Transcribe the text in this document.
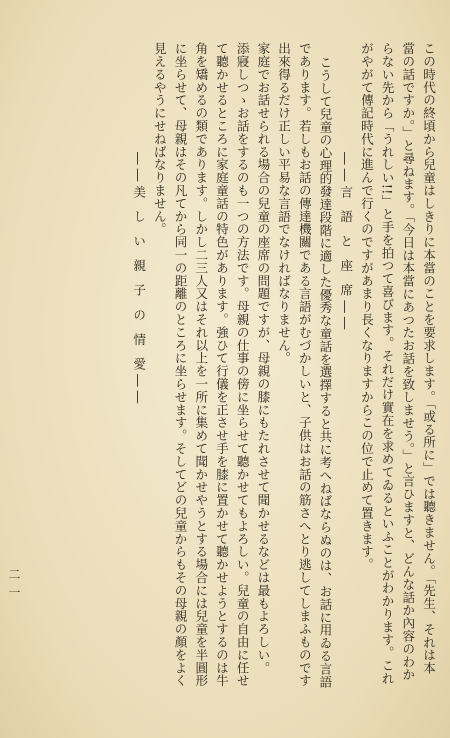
この時代の終頃から兒童はしきりに本當のことを要求します。「或る所に」では聽きません。「先生、それは本
當の話ですか。」と尋ねます。「今日は本當にあつたお話を致しませう。」と言ひますと、どんな話か內容のわか
らない先から「うれしい!!」と手を拍つて喜びます。それだけ實在を求めてゐるといふことがわかります。これ
がやがて傳記時代に進んで行くのですがあまり長くなりますからこの位で止めて置きます。
――言 語 と 座 席――
こうして兒童の心理的發達段階に適した優秀な童話を選擇すると共に考へねばならぬのは、お話に用ゐる言語
であります。若しもお話の傳達機關である言語がむづかしいと、子供はお話の筋さへとり逃してしまふものです
出來得るだけ正しい平易な言語でなければなりません。
家庭でお話せられる場合の兒童の座席の問題ですが、母親の膝にもたれさせて聞かせるなどは最もよろしい。
添寢しつゝお話をするのも一つの方法です。母親の仕事の傍に坐らせて聽かせてもよろしい。兒童の自由に任せ
て聽かせるところに家庭童話の特色があります。強ひて行儀を正させ手を膝に置かせて聽かせようとするのは牛
角を矯めるの類であります。しかし二三人又はそれ以上を一所に集めて聞かせやうとする場合には兒童を半圓形
に坐らせて、母親はその凡てから同一の距離のところに坐らせます。そしてどの兒童からもその母親の顏をよく
見えるやうにせねばなりません。
――美 し い 親 子 の 情 愛――
二一
